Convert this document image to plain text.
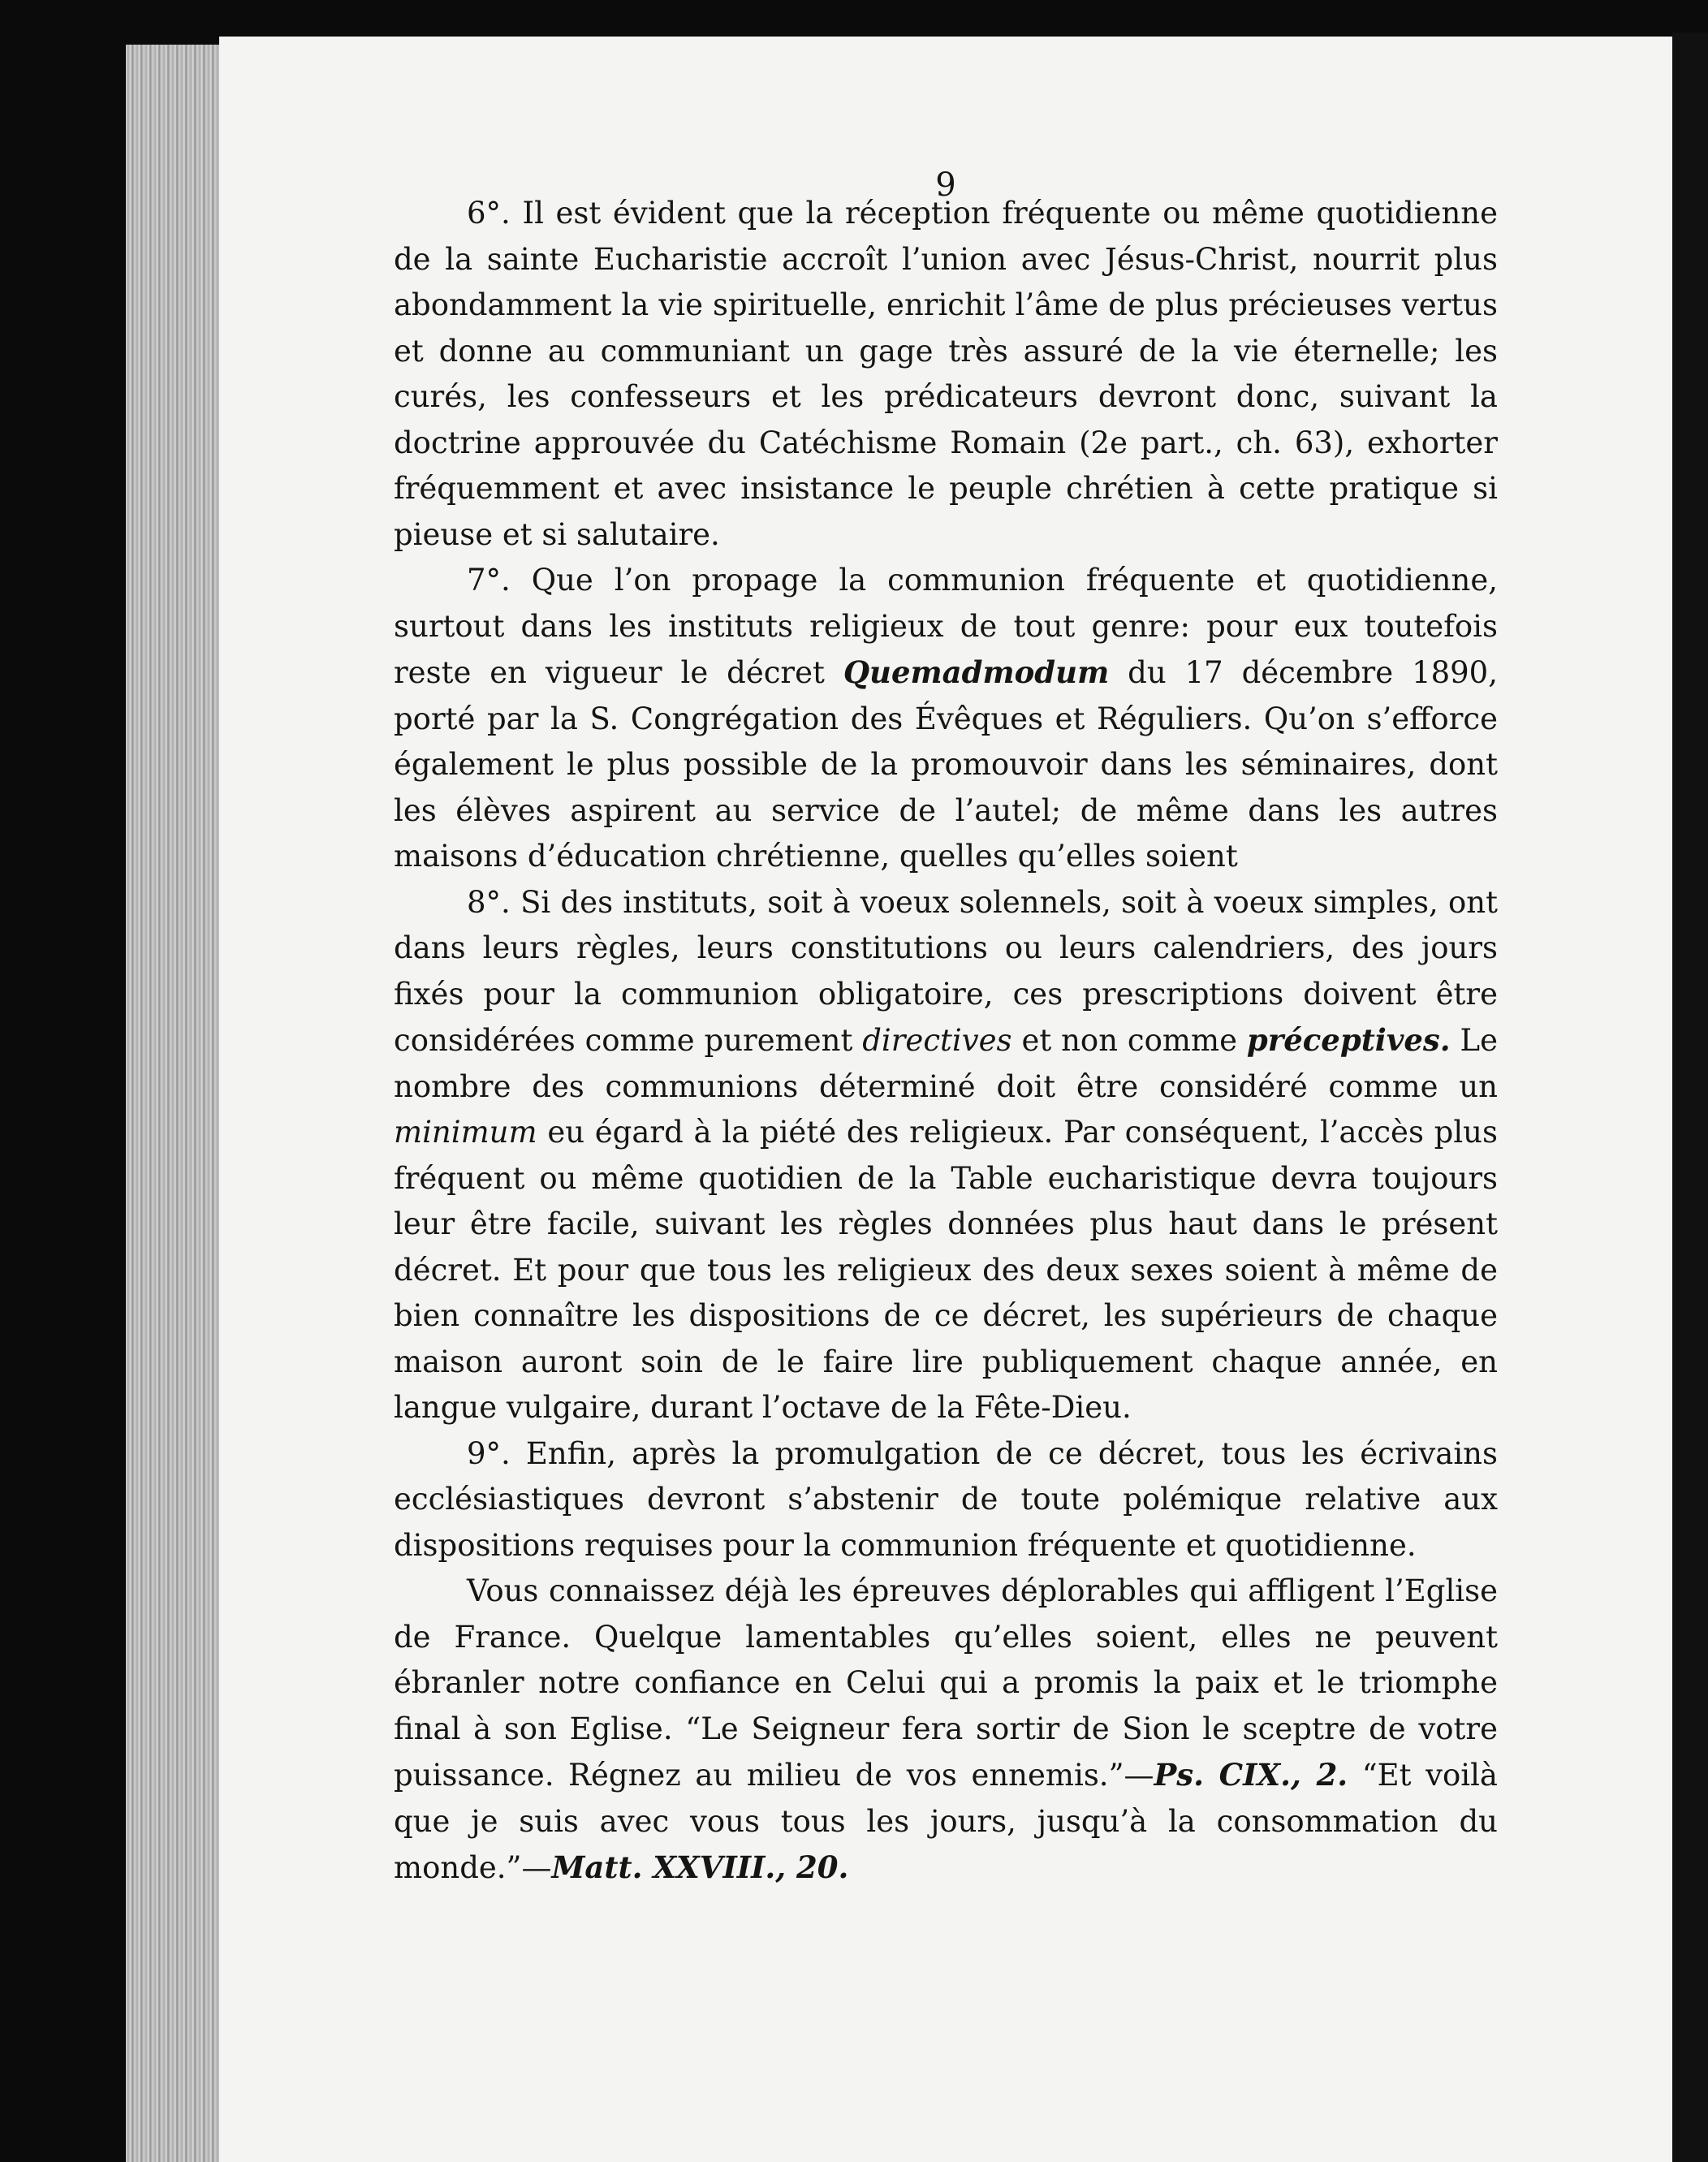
9

6°. Il est évident que la réception fréquente ou même quotidienne de la sainte Eucharistie accroît l’union avec Jésus-Christ, nourrit plus abondamment la vie spirituelle, enrichit l’âme de plus précieuses vertus et donne au communiant un gage très assuré de la vie éternelle; les curés, les confesseurs et les prédicateurs devront donc, suivant la doctrine approuvée du Catéchisme Romain (2e part., ch. 63), exhorter fréquemment et avec insistance le peuple chrétien à cette pratique si pieuse et si salutaire.

7°. Que l’on propage la communion fréquente et quotidienne, surtout dans les instituts religieux de tout genre: pour eux toutefois reste en vigueur le décret Quemadmodum du 17 décembre 1890, porté par la S. Congrégation des Évêques et Réguliers. Qu’on s’efforce également le plus possible de la promouvoir dans les séminaires, dont les élèves aspirent au service de l’autel; de même dans les autres maisons d’éducation chrétienne, quelles qu’elles soient

8°. Si des instituts, soit à voeux solennels, soit à voeux simples, ont dans leurs règles, leurs constitutions ou leurs calendriers, des jours fixés pour la communion obligatoire, ces prescriptions doivent être considérées comme purement directives et non comme préceptives. Le nombre des communions déterminé doit être considéré comme un minimum eu égard à la piété des religieux. Par conséquent, l’accès plus fréquent ou même quotidien de la Table eucharistique devra toujours leur être facile, suivant les règles données plus haut dans le présent décret. Et pour que tous les religieux des deux sexes soient à même de bien connaître les dispositions de ce décret, les supérieurs de chaque maison auront soin de le faire lire publiquement chaque année, en langue vulgaire, durant l’octave de la Fête-Dieu.

9°. Enfin, après la promulgation de ce décret, tous les écrivains ecclésiastiques devront s’abstenir de toute polémique relative aux dispositions requises pour la communion fréquente et quotidienne.

Vous connaissez déjà les épreuves déplorables qui affligent l’Eglise de France. Quelque lamentables qu’elles soient, elles ne peuvent ébranler notre confiance en Celui qui a promis la paix et le triomphe final à son Eglise. “Le Seigneur fera sortir de Sion le sceptre de votre puissance. Régnez au milieu de vos ennemis.”—Ps. CIX., 2. “Et voilà que je suis avec vous tous les jours, jusqu’à la consommation du monde.”—Matt. XXVIII., 20.
